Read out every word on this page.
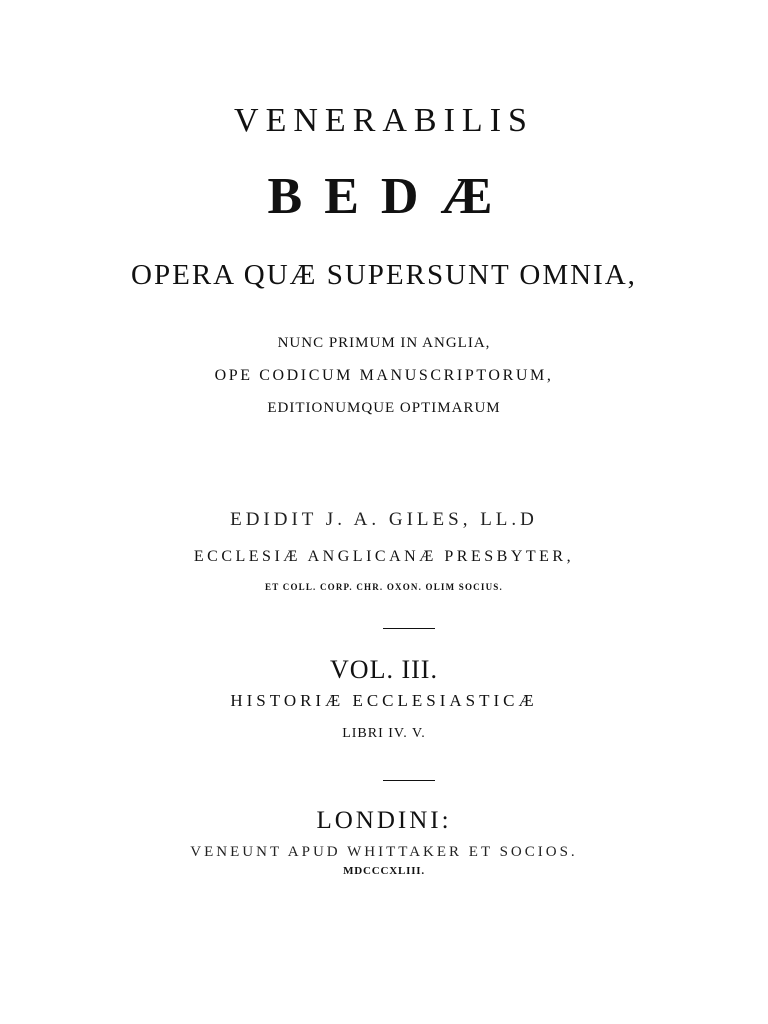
VENERABILIS
BEDÆ
OPERA QUÆ SUPERSUNT OMNIA,
NUNC PRIMUM IN ANGLIA,
OPE CODICUM MANUSCRIPTORUM,
EDITIONUMQUE OPTIMARUM
EDIDIT J. A. GILES, LL.D
ECCLESIÆ ANGLICANÆ PRESBYTER,
ET COLL. CORP. CHR. OXON. OLIM SOCIUS.
VOL. III.
HISTORIÆ ECCLESIASTICÆ
LIBRI IV. V.
LONDINI:
VENEUNT APUD WHITTAKER ET SOCIOS.
MDCCCXLIII.
